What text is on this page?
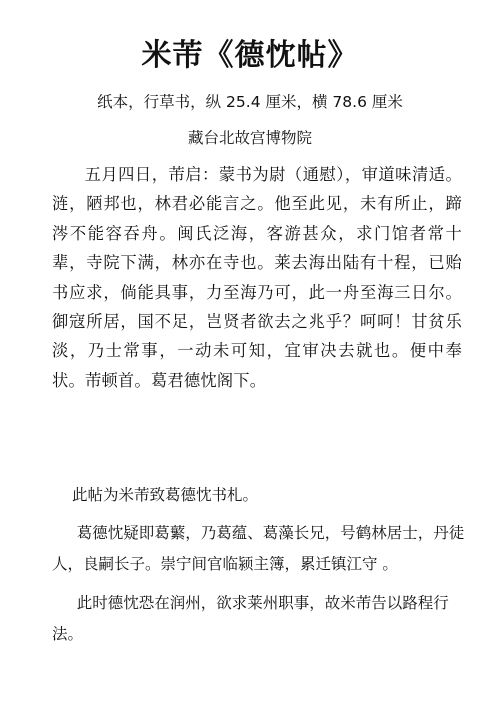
米芾《德忱帖》
纸本，行草书，纵 25.4 厘米，横 78.6 厘米
藏台北故宫博物院
五月四日，芾启：蒙书为尉（通慰），审道味清适。涟，陋邦也，林君必能言之。他至此见，未有所止，蹄涔不能容吞舟。闽氏泛海，客游甚众，求门馆者常十辈，寺院下满，林亦在寺也。莱去海出陆有十程，已贻书应求，倘能具事，力至海乃可，此一舟至海三日尔。御寇所居，国不足，岂贤者欲去之兆乎？呵呵！甘贫乐淡，乃士常事，一动未可知，宜审决去就也。便中奉状。芾顿首。葛君德忱阁下。
此帖为米芾致葛德忱书札。
葛德忱疑即葛蘩，乃葛蕴、葛藻长兄，号鹤林居士，丹徒人，良嗣长子。崇宁间官临颍主簿，累迁镇江守 。
此时德忱恐在润州，欲求莱州职事，故米芾告以路程行法。
